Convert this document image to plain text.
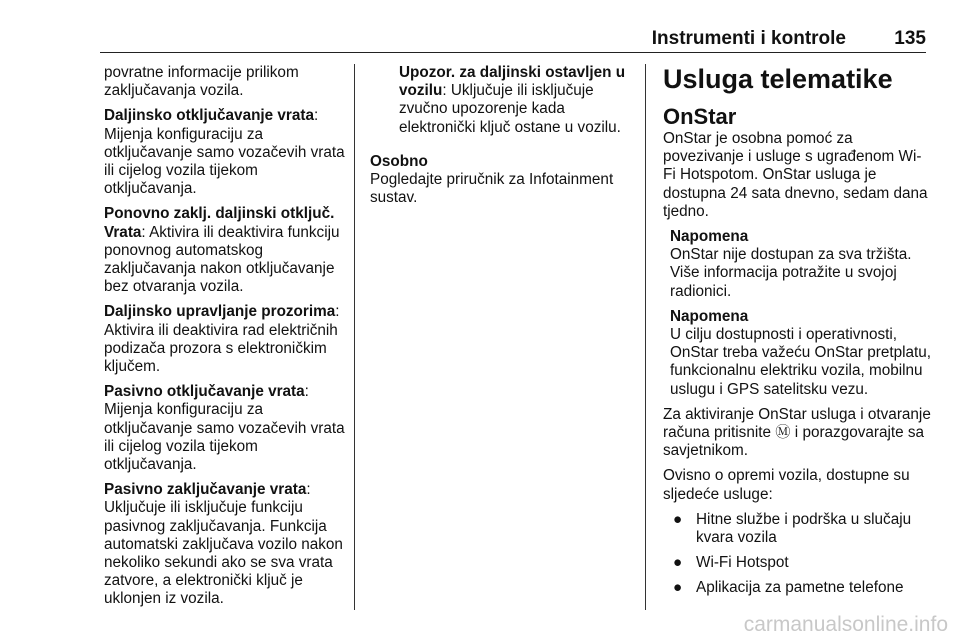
Instrumenti i kontrole	135

povratne informacije prilikom zaključavanja vozila.

Daljinsko otključavanje vrata: Mijenja konfiguraciju za otključavanje samo vozačevih vrata ili cijelog vozila tijekom otključavanja.

Ponovno zaklj. daljinski otključ. Vrata: Aktivira ili deaktivira funkciju ponovnog automatskog zaključavanja nakon otključavanje bez otvaranja vozila.

Daljinsko upravljanje prozorima: Aktivira ili deaktivira rad električnih podizača prozora s elektroničkim ključem.

Pasivno otključavanje vrata: Mijenja konfiguraciju za otključavanje samo vozačevih vrata ili cijelog vozila tijekom otključavanja.

Pasivno zaključavanje vrata: Uključuje ili isključuje funkciju pasivnog zaključavanja. Funkcija automatski zaključava vozilo nakon nekoliko sekundi ako se sva vrata zatvore, a elektronički ključ je uklonjen iz vozila.

Upozor. za daljinski ostavljen u vozilu: Uključuje ili isključuje zvučno upozorenje kada elektronički ključ ostane u vozilu.

Osobno

Pogledajte priručnik za Infotainment sustav.

Usluga telematike
OnStar

OnStar je osobna pomoć za povezivanje i usluge s ugrađenom Wi-Fi Hotspotom. OnStar usluga je dostupna 24 sata dnevno, sedam dana tjedno.

Napomena
OnStar nije dostupan za sva tržišta. Više informacija potražite u svojoj radionici.
Napomena
U cilju dostupnosti i operativnosti, OnStar treba važeću OnStar pretplatu, funkcionalnu elektriku vozila, mobilnu uslugu i GPS satelitsku vezu.

Za aktiviranje OnStar usluga i otvaranje računa pritisnite Ⓜ i porazgovarajte sa savjetnikom.

Ovisno o opremi vozila, dostupne su sljedeće usluge:

● Hitne službe i podrška u slučaju kvara vozila
● Wi-Fi Hotspot
● Aplikacija za pametne telefone
carmanualsonline.info
